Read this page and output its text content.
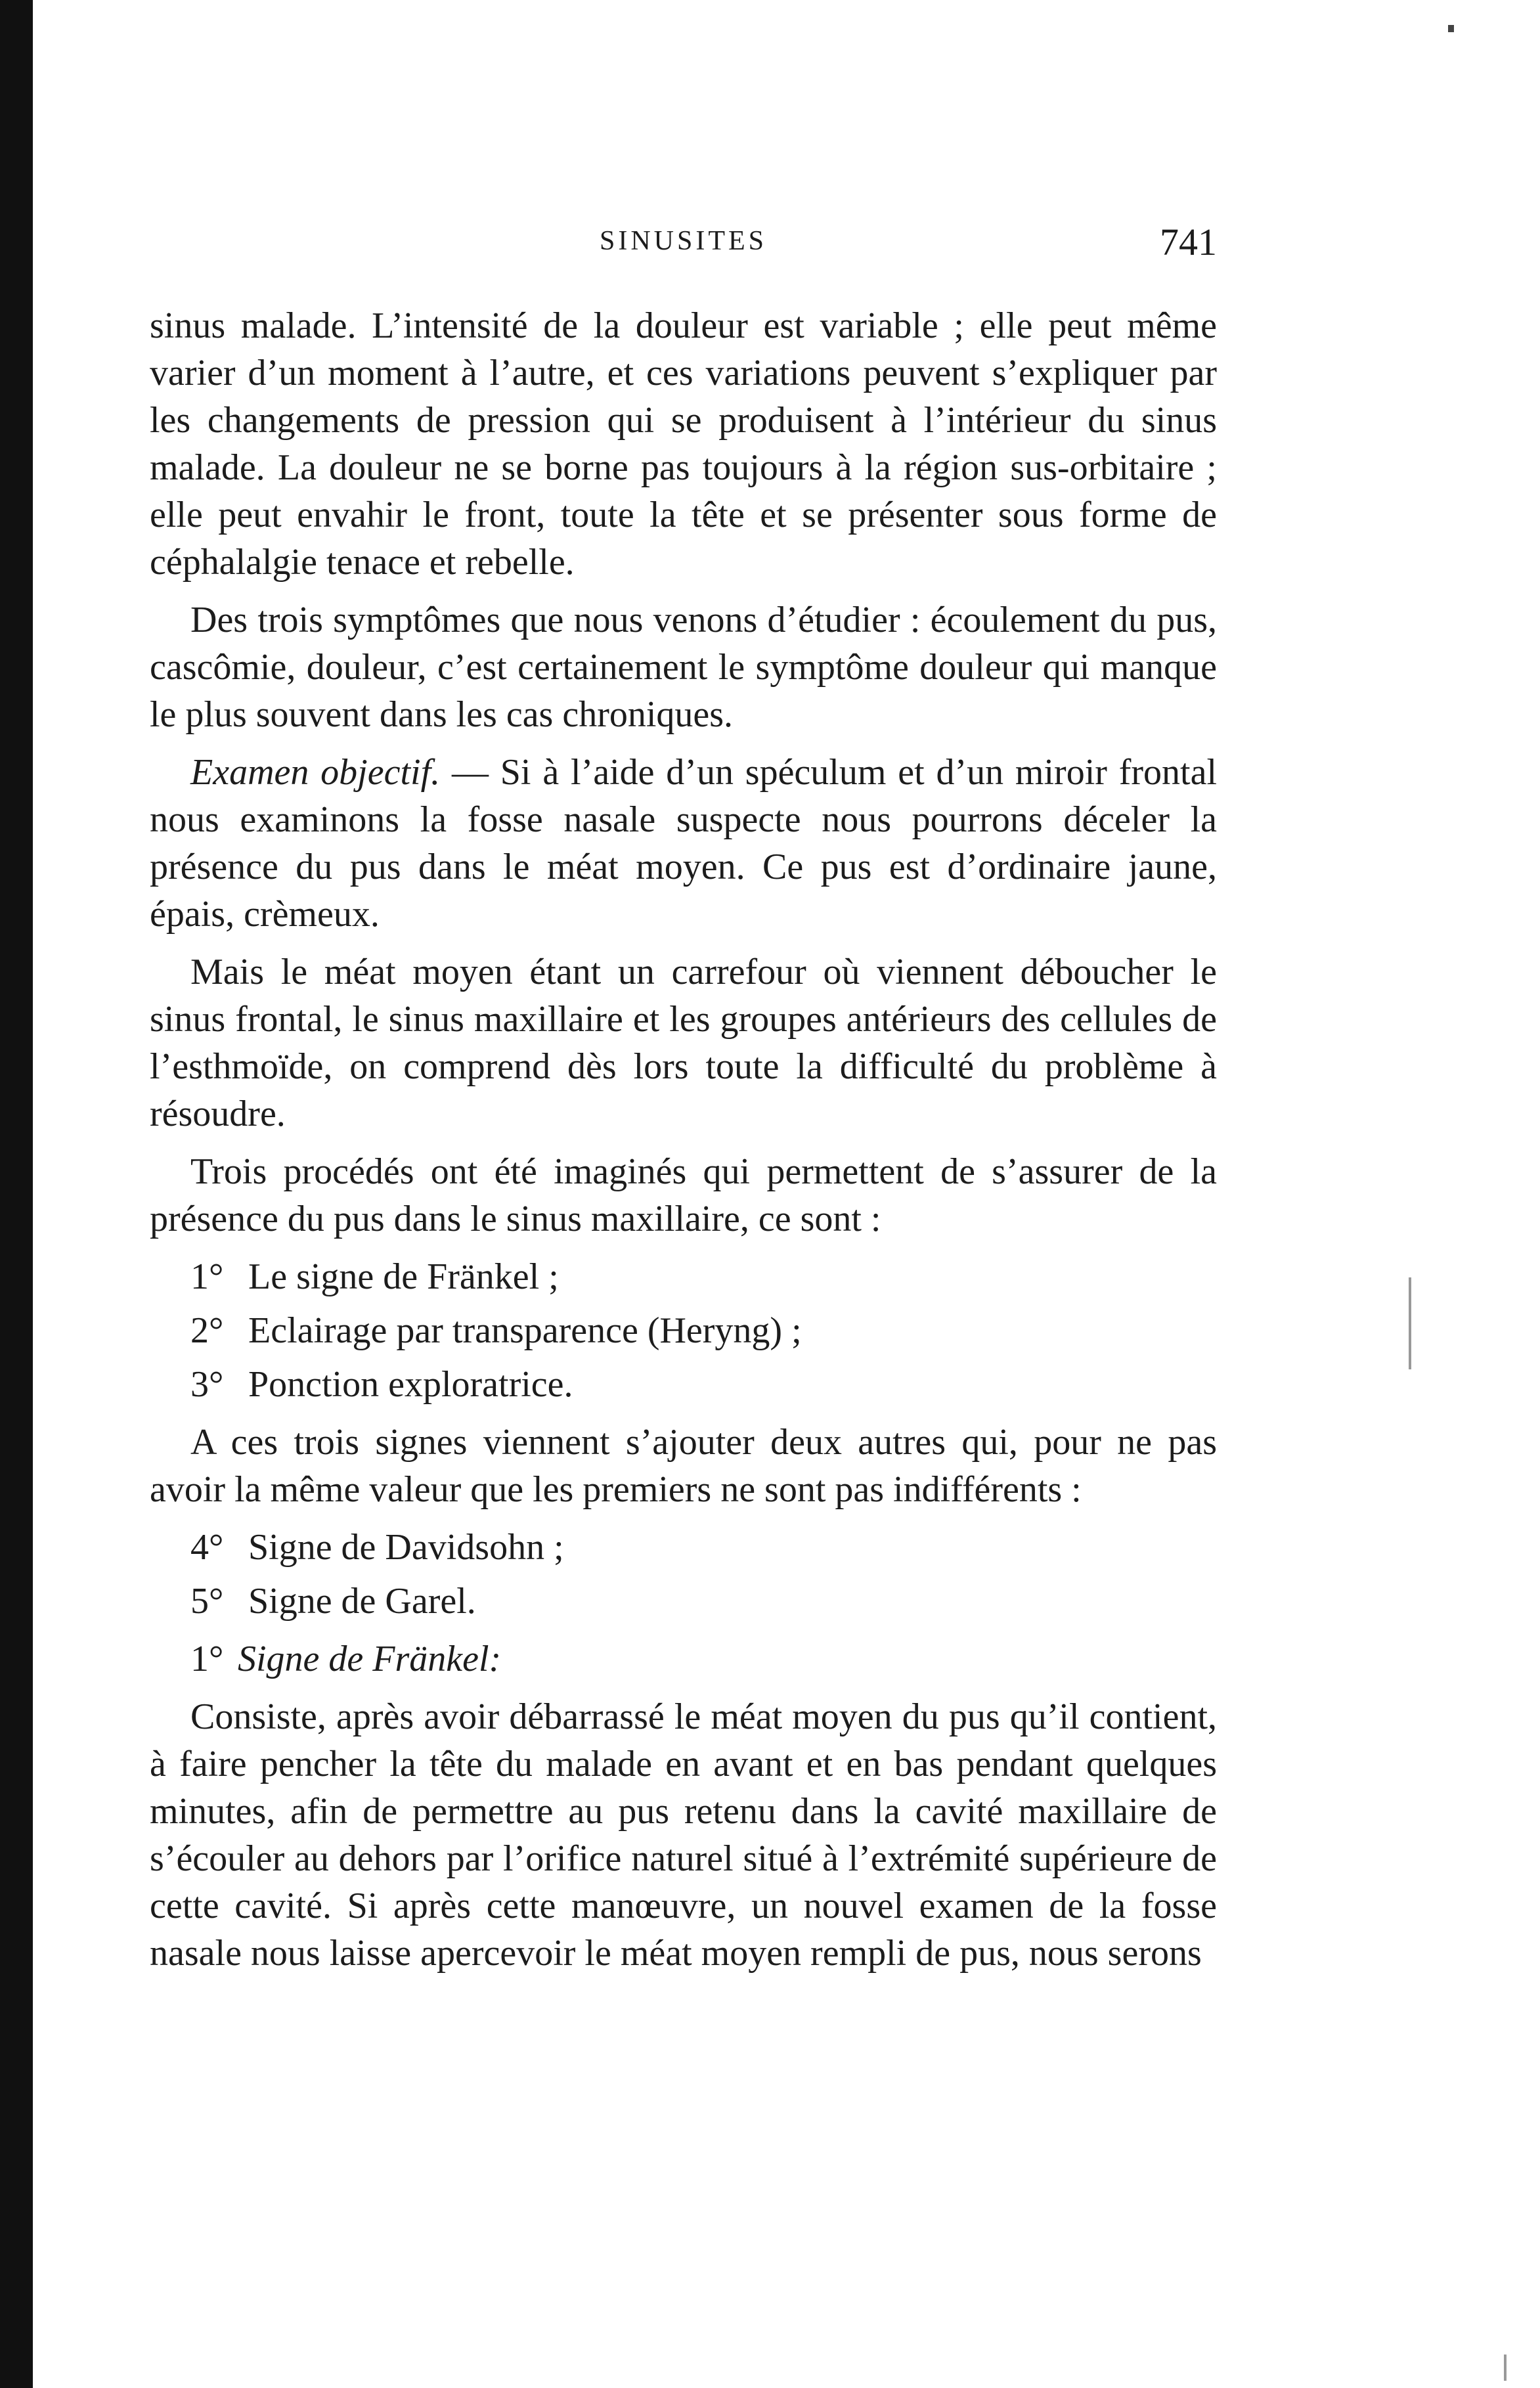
SINUSITES	741

sinus malade. L’intensité de la douleur est variable ; elle peut même varier d’un moment à l’autre, et ces variations peuvent s’expliquer par les changements de pression qui se produisent à l’intérieur du sinus malade. La douleur ne se borne pas toujours à la région sus-orbitaire ; elle peut envahir le front, toute la tête et se présenter sous forme de céphalalgie tenace et rebelle.

Des trois symptômes que nous venons d’étudier : écoulement du pus, cascômie, douleur, c’est certainement le symptôme douleur qui manque le plus souvent dans les cas chroniques.

Examen objectif. — Si à l’aide d’un spéculum et d’un miroir frontal nous examinons la fosse nasale suspecte nous pourrons déceler la présence du pus dans le méat moyen. Ce pus est d’ordinaire jaune, épais, crèmeux.

Mais le méat moyen étant un carrefour où viennent déboucher le sinus frontal, le sinus maxillaire et les groupes antérieurs des cellules de l’esthmoïde, on comprend dès lors toute la difficulté du problème à résoudre.

Trois procédés ont été imaginés qui permettent de s’assurer de la présence du pus dans le sinus maxillaire, ce sont :

1° Le signe de Fränkel ;
2° Eclairage par transparence (Heryng) ;
3° Ponction exploratrice.

A ces trois signes viennent s’ajouter deux autres qui, pour ne pas avoir la même valeur que les premiers ne sont pas indifférents :

4° Signe de Davidsohn ;
5° Signe de Garel.

1° Signe de Fränkel:

Consiste, après avoir débarrassé le méat moyen du pus qu’il contient, à faire pencher la tête du malade en avant et en bas pendant quelques minutes, afin de permettre au pus retenu dans la cavité maxillaire de s’écouler au dehors par l’orifice naturel situé à l’extrémité supérieure de cette cavité. Si après cette manœuvre, un nouvel examen de la fosse nasale nous laisse apercevoir le méat moyen rempli de pus, nous serons
